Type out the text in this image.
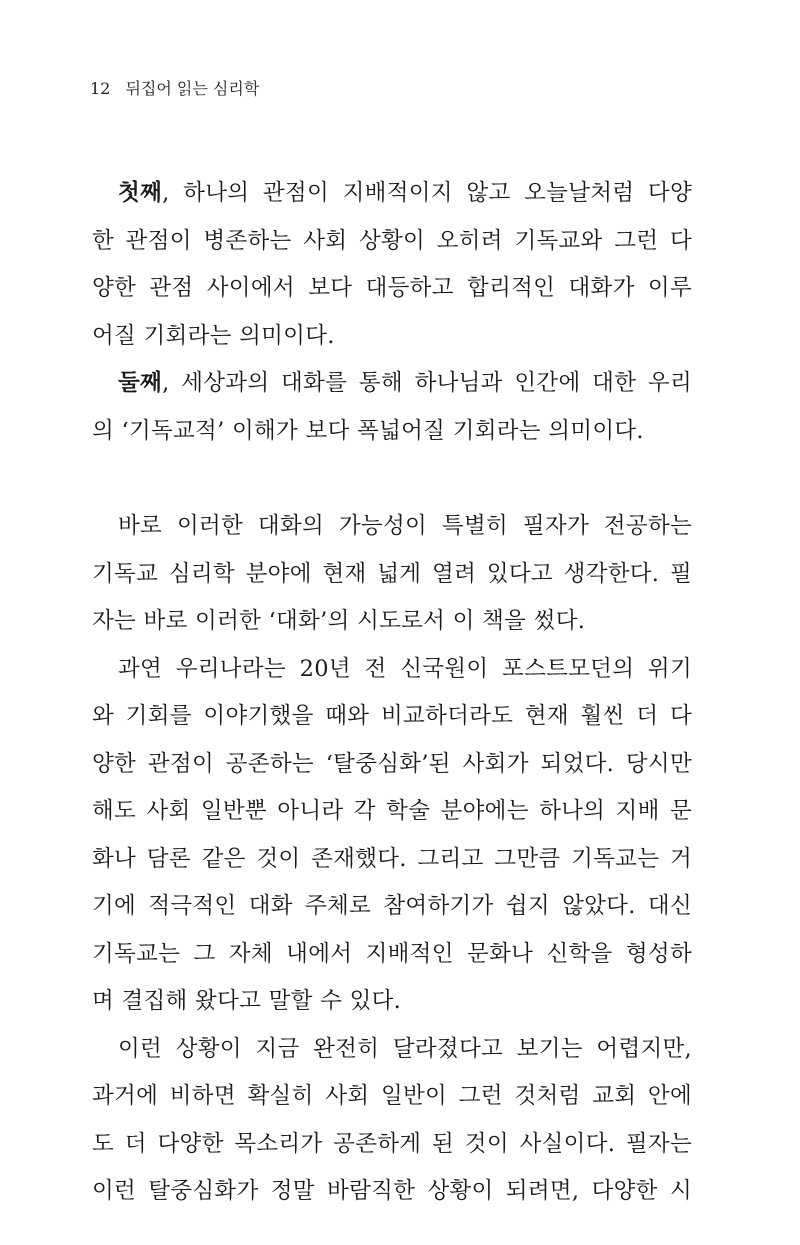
12 뒤집어 읽는 심리학
첫째, 하나의 관점이 지배적이지 않고 오늘날처럼 다양
한 관점이 병존하는 사회 상황이 오히려 기독교와 그런 다
양한 관점 사이에서 보다 대등하고 합리적인 대화가 이루
어질 기회라는 의미이다.
둘째, 세상과의 대화를 통해 하나님과 인간에 대한 우리
의 ‘기독교적’ 이해가 보다 폭넓어질 기회라는 의미이다.
바로 이러한 대화의 가능성이 특별히 필자가 전공하는
기독교 심리학 분야에 현재 넓게 열려 있다고 생각한다. 필
자는 바로 이러한 ‘대화’의 시도로서 이 책을 썼다.
과연 우리나라는 20년 전 신국원이 포스트모던의 위기
와 기회를 이야기했을 때와 비교하더라도 현재 훨씬 더 다
양한 관점이 공존하는 ‘탈중심화’된 사회가 되었다. 당시만
해도 사회 일반뿐 아니라 각 학술 분야에는 하나의 지배 문
화나 담론 같은 것이 존재했다. 그리고 그만큼 기독교는 거
기에 적극적인 대화 주체로 참여하기가 쉽지 않았다. 대신
기독교는 그 자체 내에서 지배적인 문화나 신학을 형성하
며 결집해 왔다고 말할 수 있다.
이런 상황이 지금 완전히 달라졌다고 보기는 어렵지만,
과거에 비하면 확실히 사회 일반이 그런 것처럼 교회 안에
도 더 다양한 목소리가 공존하게 된 것이 사실이다. 필자는
이런 탈중심화가 정말 바람직한 상황이 되려면, 다양한 시
